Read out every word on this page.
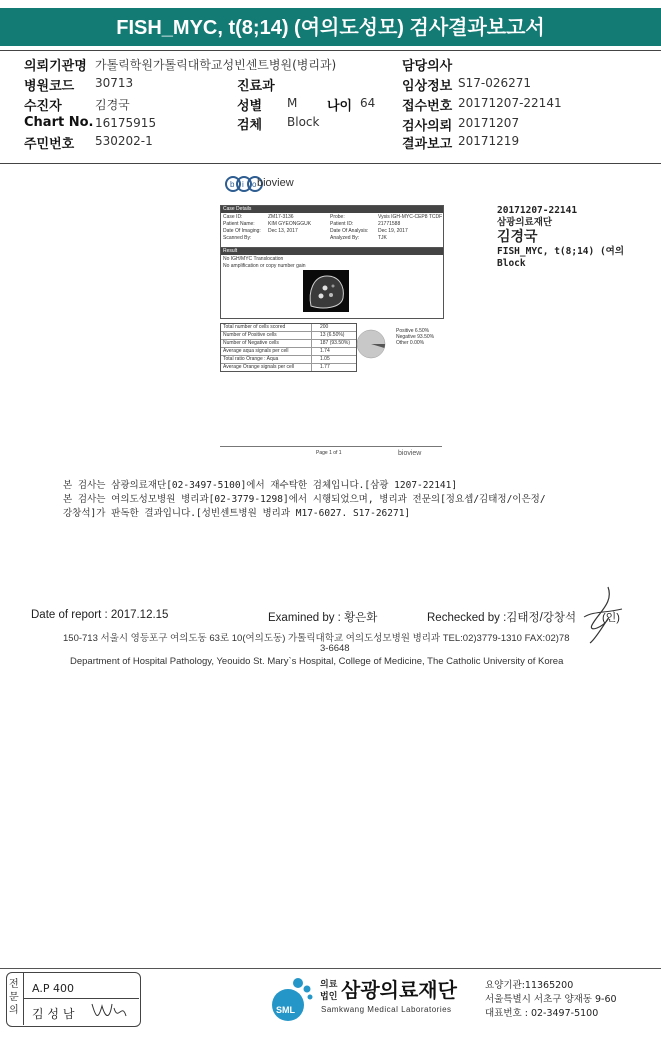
FISH_MYC, t(8;14) (여의도성모) 검사결과보고서
의뢰기관명 가톨릭학원가톨릭대학교성빈센트병원(병리과)
병원코드 30713
수진자	김경국
Chart No. 16175915
주민번호 530202-1
진료과
성별 M 나이 64
검체 Block
담당의사
임상정보 S17-026271
접수번호 20171207-22141
검사의뢰 20171207
결과보고 20171219
b i o bioview
Case Details
Case ID:	ZM17-3136
Patient Name:	KIM GYEONGGUK
Date Of Imaging: Dec 13, 2017
Scanned By:
Probe:	Vysis IGH-MYC-CEP8 TCDF
Patient ID:	21771588
Date Of Analysis: Dec 19, 2017
Analyzed By:	TJK
Result
No IGH/MYC Translocation
No amplification or copy number gain
Total number of cells scored	200
Number of Positive cells	13 (6.50%)
Number of Negative cells	187 (93.50%)
Average aqua signals per cell	1.74
Total ratio Orange : Aqua	1.05
Average Orange signals per cell	1.77
Positive 6.50%
Negative 93.50%
Other 0.00%
Page 1 of 1	bioview
20171207-22141
삼광의료재단
김경국
FISH_MYC, t(8;14) (여의
Block
본 검사는 삼광의료재단[02-3497-5100]에서 재수탁한 검체입니다.[삼광 1207-22141]
본 검사는 여의도성모병원 병리과[02-3779-1298]에서 시행되었으며, 병리과 전문의[정요셉/김태정/이은정/
강창석]가 판독한 결과입니다.[성빈센트병원 병리과 M17-6027. S17-26271]
Date of report : 2017.12.15	Examined by : 황은화	Rechecked by :김태정/강창석 (인)
150-713 서울시 영등포구 여의도동 63로 10(여의도동) 가톨릭대학교 여의도성모병원 병리과 TEL:02)3779-1310 FAX:02)78
3-6648
Department of Hospital Pathology, Yeouido St. Mary`s Hospital, College of Medicine, The Catholic University of Korea
전문의
A.P 400
김 성 남	SML
의료
법인 삼광의료재단
Samkwang Medical Laboratories
요양기관:11365200
서울특별시 서초구 양재동 9-60
대표번호 : 02-3497-5100
